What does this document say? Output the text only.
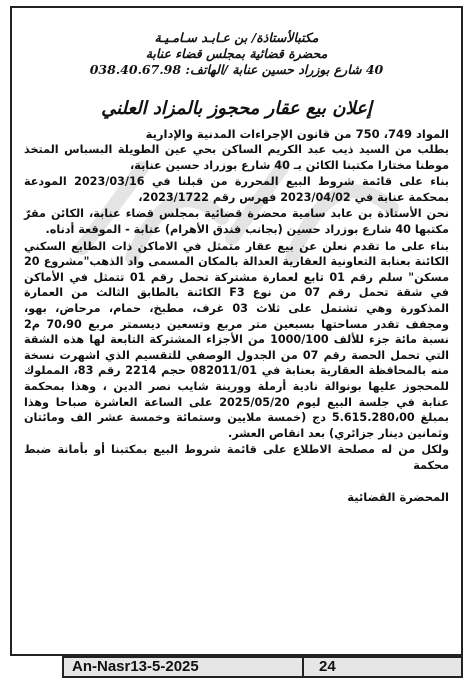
مكتبالأستاذة/ بن عـابـد سـامـيـة
محضرة قضائية بمجلس قضاء عنابة
40 شارع بوزراد حسين عنابة /الهاتف: 038.40.67.98
إعلان بيع عقار محجوز بالمزاد العلني
المواد 749، 750 من قانون الإجراءات المدنية والإدارية

بطلب من السيد ذيب عبد الكريم الساكن بحي عين الطويلة البسباس المتخذ موطنا مختارا مكتبنا الكائن بـ 40 شارع بوزراد حسين عنابة،

بناء على قائمة شروط البيع المحررة من قبلنا في 2023/03/16 المودعة بمحكمة عنابة في 2023/04/02 فهرس رقم 2023/1722،

نحن الأستاذة بن عابد سامية محضرة قضائية بمجلس قضاء عنابة، الكائن مقرّ مكتبها 40 شارع بوزراد حسين (بجانب فندق الأهرام) عنابة - الموقعة أدناه.

بناء على ما تقدم نعلن عن بيع عقار متمثل في الاماكن ذات الطابع السكني الكائنة بعنابة التعاونية العقارية العدالة بالمكان المسمى واد الذهب"مشروع 20 مسكن" سلم رقم 01 تابع لعمارة مشتركة تحمل رقم 01 تتمثل في الأماكن في شقة تحمل رقم 07 من نوع F3 الكائنة بالطابق الثالث من العمارة المذكورة وهي تشتمل على ثلاث 03 غرف، مطبخ، حمام، مرحاض، بهو، ومجفف تقدر مساحتها بسبعين متر مربع وتسعين ديسمتر مربع 70،90 م2 نسبة مائة جزء للألف 1000/100 من الأجزاء المشتركة التابعة لها هذه الشقة التي تحمل الحصة رقم 07 من الجدول الوصفي للتقسيم الذي اشهرت نسخة منه بالمحافظة العقارية بعنابة في 082011/01 حجم 2214 رقم 83، المملوك للمحجوز عليها بونوالة نادية أرملة وورينة شايب نصر الدين ، وهذا بمحكمة عنابة في جلسة البيع ليوم 2025/05/20 على الساعة العاشرة صباحا وهذا بمبلغ 5.615.280،00 دج (خمسة ملايين وستمائة وخمسة عشر الف ومائتان وثمانين دينار جزائري) بعد انقاص العشر.

ولكل من له مصلحة الاطلاع على قائمة شروط البيع بمكتبنا أو بأمانة ضبط محكمة

المحضرة القضائية
An-Nasr13-5-2025	24
